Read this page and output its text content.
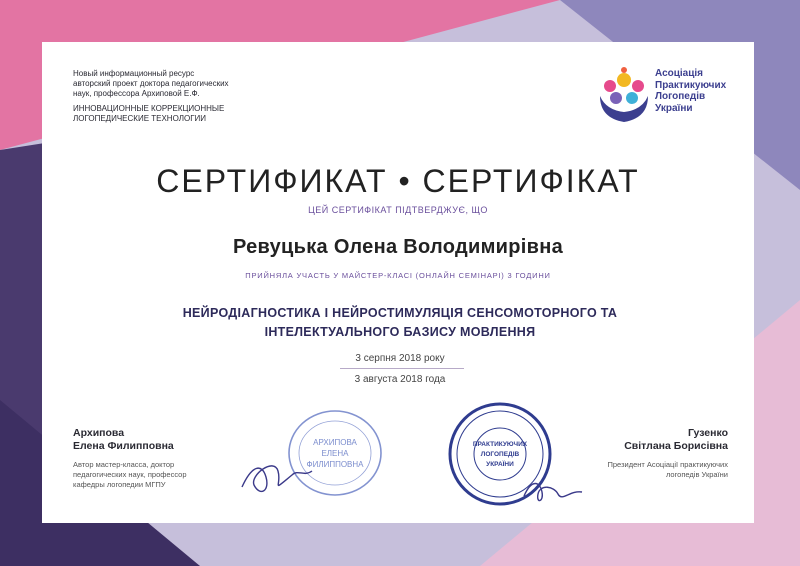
Новый информационный ресурс
авторский проект доктора педагогических
наук, профессора Архиповой Е.Ф.
ИННОВАЦИОННЫЕ КОРРЕКЦИОННЫЕ
ЛОГОПЕДИЧЕСКИЕ ТЕХНОЛОГИИ
Асоціація
Практикуючих
Логопедів
України
СЕРТИФИКАТ • СЕРТИФІКАТ
ЦЕЙ СЕРТИФІКАТ ПІДТВЕРДЖУЄ, ЩО
Ревуцька Олена Володимирівна
ПРИЙНЯЛА УЧАСТЬ У МАЙСТЕР-КЛАСІ (ОНЛАЙН СЕМІНАРІ) 3 ГОДИНИ
НЕЙРОДІАГНОСТИКА І НЕЙРОСТИМУЛЯЦІЯ СЕНСОМОТОРНОГО ТА
ІНТЕЛЕКТУАЛЬНОГО БАЗИСУ МОВЛЕННЯ
3 серпня 2018 року
3 августа 2018 года
Архипова
Елена Филипповна
Автор мастер-класса, доктор
педагогических наук, профессор
кафедры логопедии МГПУ
АРХИПОВА
ЕЛЕНА
ФИЛИППОВНА
ПРАКТИКУЮЧИХ
ЛОГОПЕДІВ
УКРАЇНИ
Гузенко
Світлана Борисівна
Президент Асоціації практикуючих
логопедів України
